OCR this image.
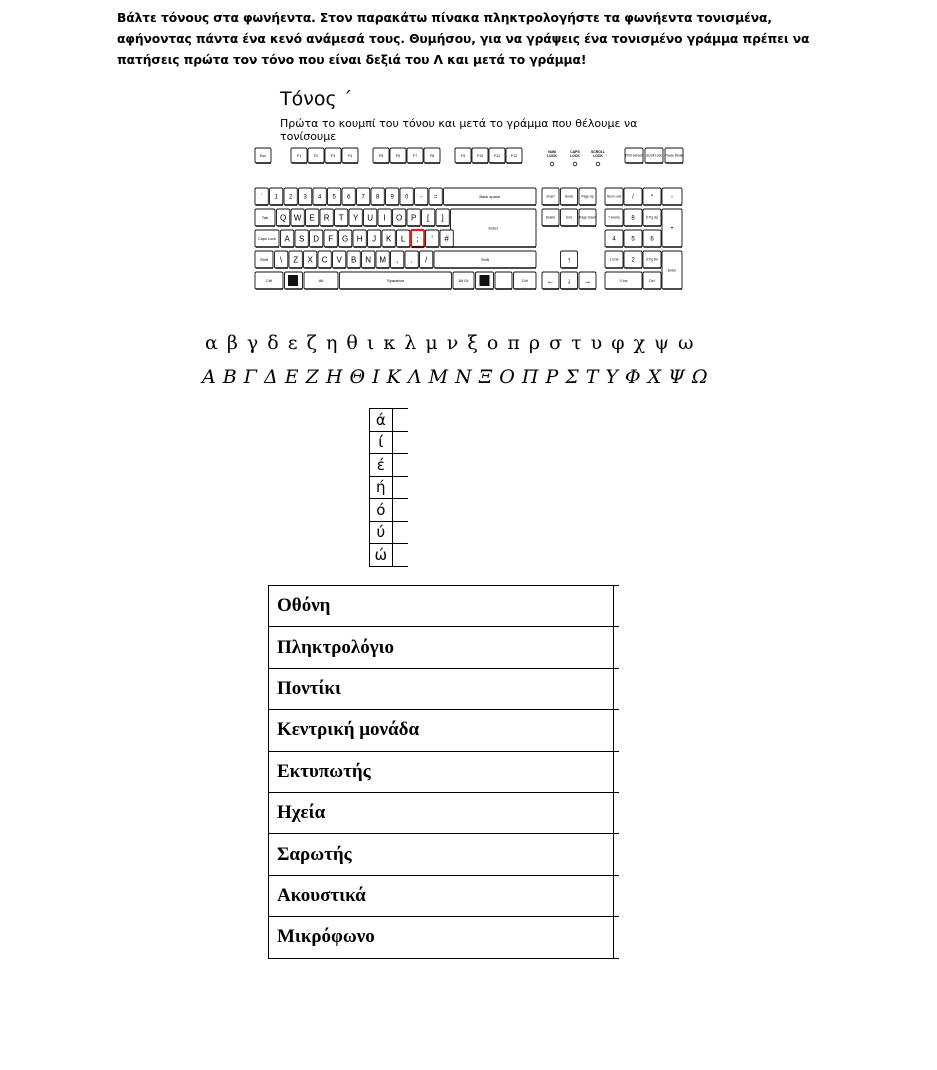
Βάλτε τόνους στα φωνήεντα. Στον παρακάτω πίνακα πληκτρολογήστε τα φωνήεντα τονισμένα, αφήνοντας πάντα ένα κενό ανάμεσά τους. Θυμήσου, για να γράψεις ένα τονισμένο γράμμα πρέπει να πατήσεις πρώτα τον τόνο που είναι δεξιά του Λ και μετά το γράμμα!
Τόνος ΄
Πρώτα το κουμπί του τόνου και μετά το γράμμα που θέλουμε να τονίσουμε
Esc	F1	F2	F3	F4	F5	F6	F7	F8	F9	F10	F11	F12
NUM
LOCK
CAPS
LOCK
SCROLL
LOCK	Print Screen Scroll Lock Pause Break
` 1 2 3 4 5 6 7 8 9 0 - =	Back space
Tab Q W E R T Y U I O P [ ]
Enter
Caps Lock A S D F G H J K L ; ' #
Shift \ Z X C V B N M , . /	Shift
Ctrl	Alt	Spacebar	Alt Gr	Ctrl
Insert	Home	Page Up
Delete	End Page Down
↑
← ↓ →
Num Lock /	*	-
7 Home 8	9 Pg Up
+
4	5	6
1 End 2	3 Pg Dn
Enter
0 Ins	Del
α β γ δ ε ζ η θ ι κ λ μ ν ξ ο π ρ σ τ υ φ χ ψ ω
Α Β Γ Δ Ε Ζ Η Θ Ι Κ Λ Μ Ν Ξ Ο Π Ρ Σ Τ Υ Φ Χ Ψ Ω
ά	
ί	
έ	
ή	
ό	
ύ	
ώ	
Οθόνη	
Πληκτρολόγιο	
Ποντίκι	
Κεντρική μονάδα	
Εκτυπωτής	
Ηχεία	
Σαρωτής	
Ακουστικά	
Μικρόφωνο	
